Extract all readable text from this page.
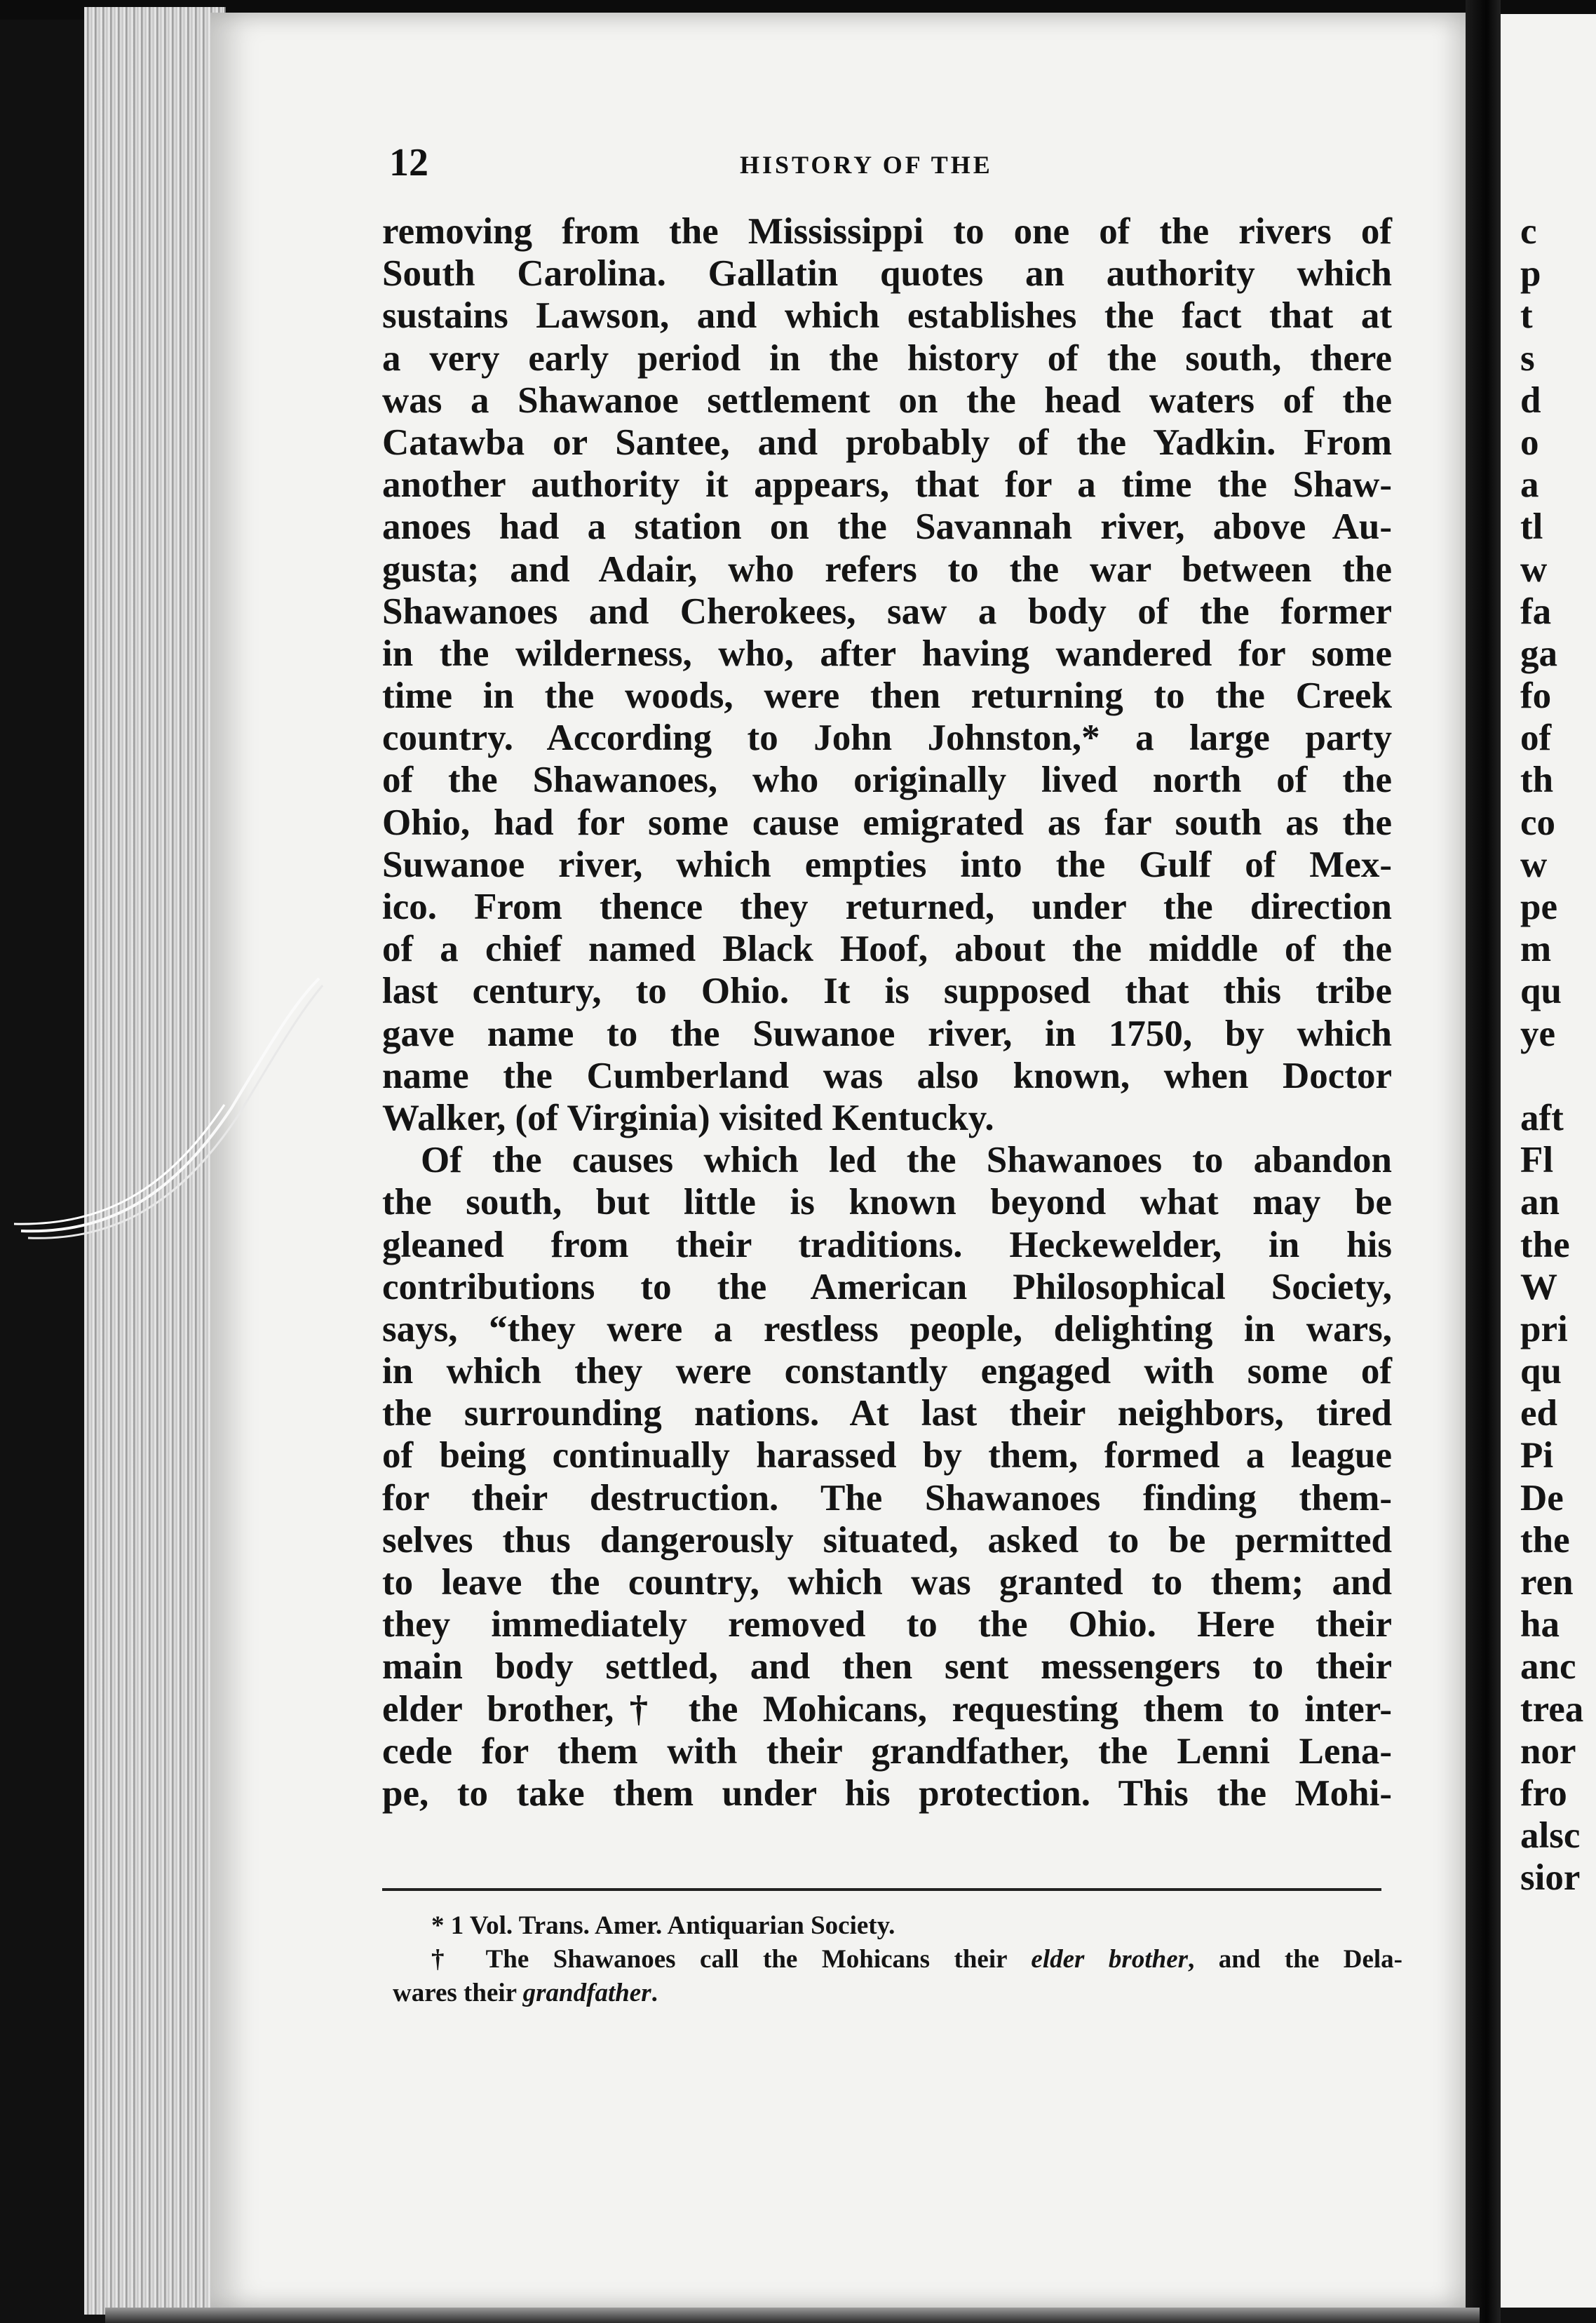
12	HISTORY OF THE
removing from the Mississippi to one of the rivers of
South Carolina. Gallatin quotes an authority which
sustains Lawson, and which establishes the fact that at
a very early period in the history of the south, there
was a Shawanoe settlement on the head waters of the
Catawba or Santee, and probably of the Yadkin. From
another authority it appears, that for a time the Shaw-
anoes had a station on the Savannah river, above Au-
gusta; and Adair, who refers to the war between the
Shawanoes and Cherokees, saw a body of the former
in the wilderness, who, after having wandered for some
time in the woods, were then returning to the Creek
country. According to John Johnston,* a large party
of the Shawanoes, who originally lived north of the
Ohio, had for some cause emigrated as far south as the
Suwanoe river, which empties into the Gulf of Mex-
ico. From thence they returned, under the direction
of a chief named Black Hoof, about the middle of the
last century, to Ohio. It is supposed that this tribe
gave name to the Suwanoe river, in 1750, by which
name the Cumberland was also known, when Doctor
Walker, (of Virginia) visited Kentucky.
Of the causes which led the Shawanoes to abandon
the south, but little is known beyond what may be
gleaned from their traditions. Heckewelder, in his
contributions to the American Philosophical Society,
says, “they were a restless people, delighting in wars,
in which they were constantly engaged with some of
the surrounding nations. At last their neighbors, tired
of being continually harassed by them, formed a league
for their destruction. The Shawanoes finding them-
selves thus dangerously situated, asked to be permitted
to leave the country, which was granted to them; and
they immediately removed to the Ohio. Here their
main body settled, and then sent messengers to their
elder brother,† the Mohicans, requesting them to inter-
cede for them with their grandfather, the Lenni Lena-
pe, to take them under his protection. This the Mohi-
* 1 Vol. Trans. Amer. Antiquarian Society.
† The Shawanoes call the Mohicans their elder brother, and the Dela-
wares their grandfather.
c
p
t
s
d
o
a
tl
w
fa
ga
fo
of
th
co
w
pe
m
qu
ye
aft
Fl
an
the
W
pri
qu
ed
Pi
De
the
ren
ha
anc
trea
nor
fro
alsc
sior
